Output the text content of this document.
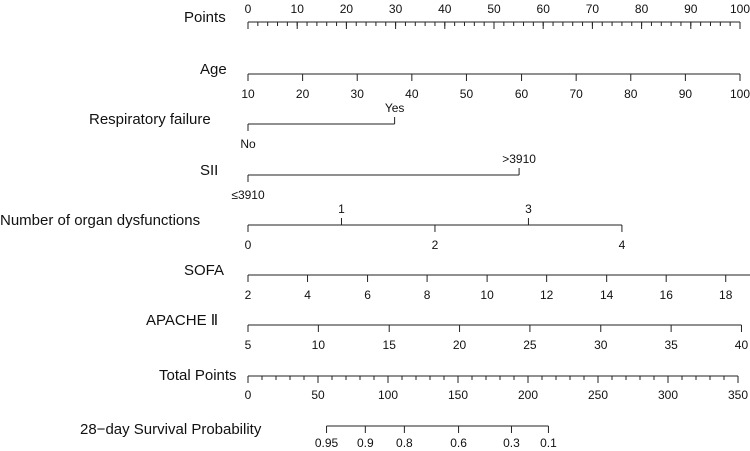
Points 0	10	20	30	40	50	60	70	80	90	100
Age
10	20	30	40	50	60	70	80	90	100
Respiratory failure
No
Yes
SII
≤3910
>3910
Number of organ dysfunctions
0
1
2
3
4
SOFA
2	4	6	8	10	12	14	16	18
APACHE Ⅱ
5	10	15	20	25	30	35	40
Total Points
0	50	100	150	200	250	300	350
28−day Survival Probability
0.95 0.9 0.8	0.6	0.3 0.1
